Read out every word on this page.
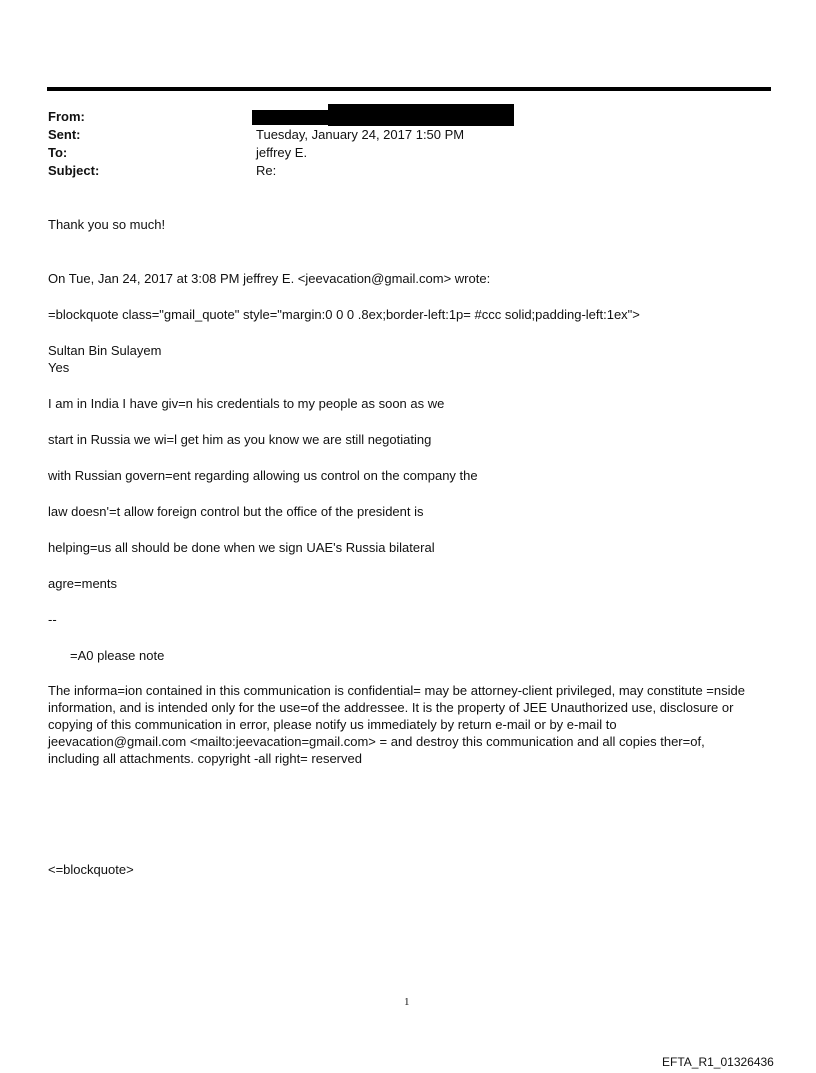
From:
Sent:
To:
Subject:
Tuesday, January 24, 2017 1:50 PM
jeffrey E.
Re:
Thank you so much!
On Tue, Jan 24, 2017 at 3:08 PM jeffrey E. <jeevacation@gmail.com> wrote:
=blockquote class="gmail_quote" style="margin:0 0 0 .8ex;border-left:1p= #ccc solid;padding-left:1ex">
Sultan Bin Sulayem
Yes
I am in India I have giv=n his credentials to my people as soon as we
start in Russia we wi=l get him as you know we are still negotiating
with Russian govern=ent regarding allowing us control on the company the
law doesn'=t allow foreign control but the office of the president is
helping=us all should be done when we sign UAE's Russia bilateral
agre=ments
--
=A0 please note
The informa=ion contained in this communication is confidential= may be attorney-client privileged, may constitute =nside information, and is intended only for the use=of the addressee. It is the property of JEE Unauthorized use, disclosure or copying of this communication in error, please notify us immediately by return e-mail or by e-mail to jeevacation@gmail.com <mailto:jeevacation=gmail.com> = and destroy this communication and all copies ther=of, including all attachments. copyright -all right= reserved
<=blockquote>
1
EFTA_R1_01326436
